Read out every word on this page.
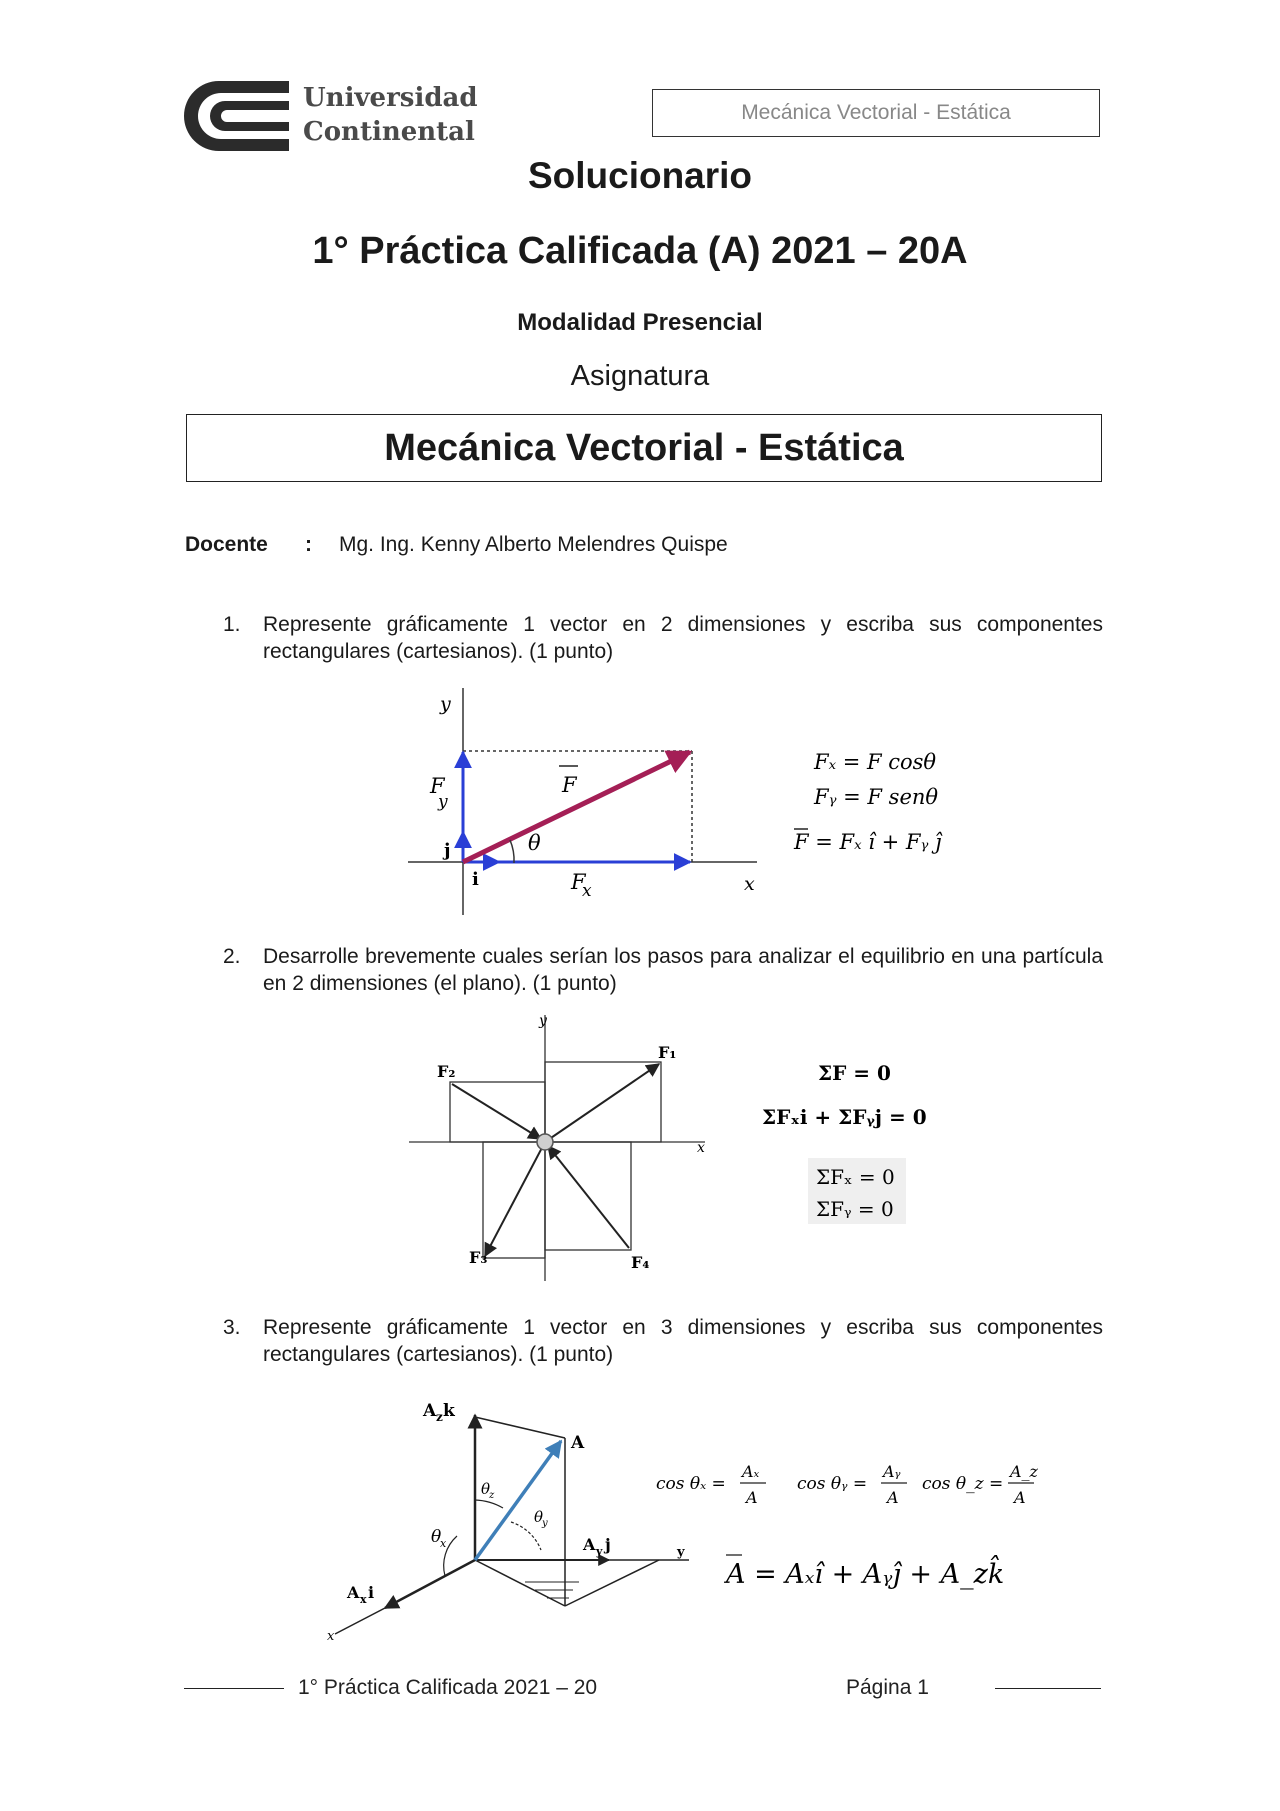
Universidad
Continental
Mecánica Vectorial - Estática
Solucionario
1° Práctica Calificada (A) 2021 – 20A
Modalidad Presencial
Asignatura
Mecánica Vectorial - Estática
Docente : Mg. Ing. Kenny Alberto Melendres Quispe
1.	Represente gráficamente 1 vector en 2 dimensiones y escriba sus componentes rectangulares (cartesianos). (1 punto)
y
x
F
y
j
i
F
θ
F
x
Fₓ = F cosθ
Fᵧ = F senθ
F = Fₓ î + Fᵧ ĵ
2.	Desarrolle brevemente cuales serían los pasos para analizar el equilibrio en una partícula en 2 dimensiones (el plano). (1 punto)
y
x
F₁
F₂
F₃	F₄
ΣF = 0
ΣFₓi + ΣFᵧj = 0
ΣFₓ = 0
ΣFᵧ = 0
3.	Represente gráficamente 1 vector en 3 dimensiones y escriba sus componentes rectangulares (cartesianos). (1 punto)
A z k
A
θ
z
θ
y
θ
x	A y j	y
A x i
x
cos θₓ =
Aₓ
A
cos θᵧ =
Aᵧ
A
cos θ_z =
A_z
A
A = Aₓî + Aᵧĵ + A_zk̂
1° Práctica Calificada 2021 – 20	Página 1
